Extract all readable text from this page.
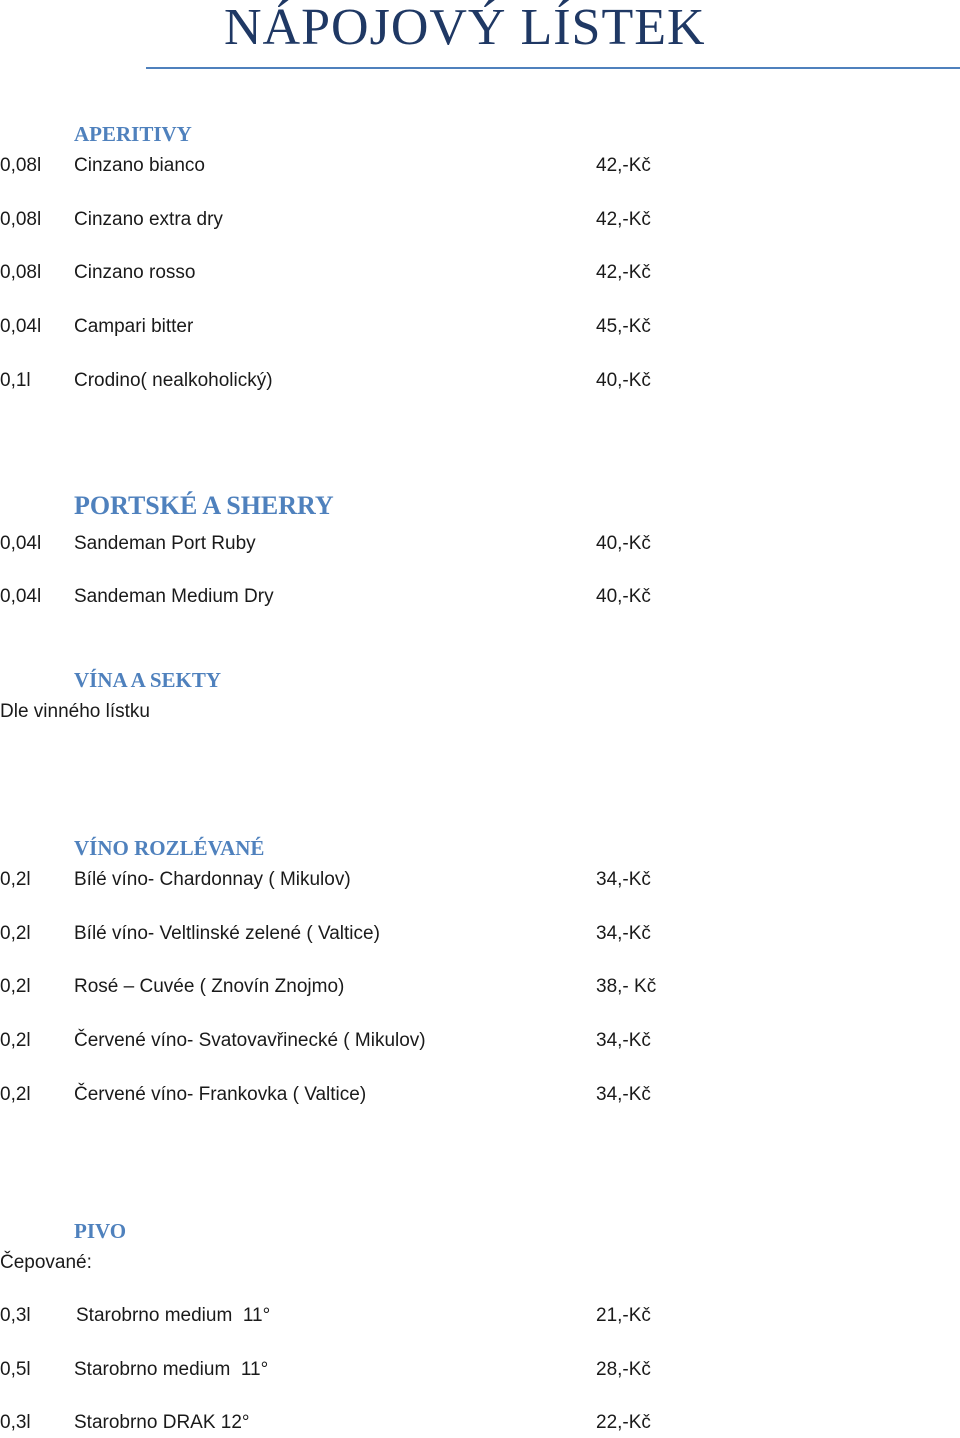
NÁPOJOVÝ LÍSTEK
APERITIVY
0,08l Cinzano bianco	42,-Kč
0,08l Cinzano extra dry	42,-Kč
0,08l Cinzano rosso	42,-Kč
0,04l Campari bitter	45,-Kč
0,1l Crodino( nealkoholický)	40,-Kč
PORTSKÉ A SHERRY
0,04l Sandeman Port Ruby	40,-Kč
0,04l Sandeman Medium Dry	40,-Kč
VÍNA A SEKTY
Dle vinného lístku
VÍNO ROZLÉVANÉ
0,2l Bílé víno- Chardonnay ( Mikulov)	34,-Kč
0,2l Bílé víno- Veltlinské zelené ( Valtice)	34,-Kč
0,2l Rosé – Cuvée ( Znovín Znojmo)	38,- Kč
0,2l Červené víno- Svatovavřinecké ( Mikulov)	34,-Kč
0,2l Červené víno- Frankovka ( Valtice)	34,-Kč
PIVO
Čepované:
0,3l Starobrno medium  11°	21,-Kč
0,5l Starobrno medium  11°	28,-Kč
0,3l Starobrno DRAK 12°	22,-Kč
